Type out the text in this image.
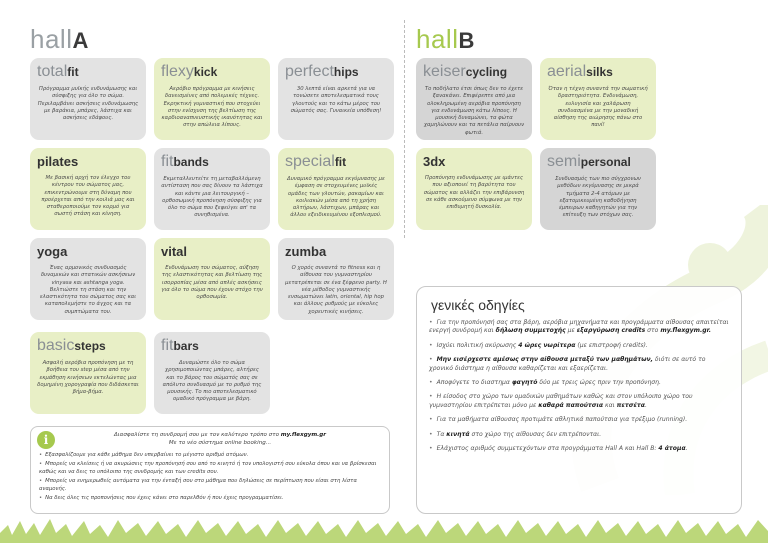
hallA	hallB
totalfit
Πρόγραμμα μυϊκής ενδυνάμωσης και σύσφιξης για όλο το σώμα. Περιλαμβάνει ασκήσεις ενδυνάμωσης με βαράκια, μπάρες, λάστιχα και ασκήσεις εδάφους.
flexykick
Αερόβιο πρόγραμμα με κινήσεις δανεισμένες από πολεμικές τέχνες. Εκρηκτική γυμναστική που στοχεύει στην ενίσχυση της βελτίωση της καρδιοαναπνευστικής ικανότητας και στην απώλεια λίπους.
perfecthips
30 λεπτά είναι αρκετά για να τονώσετε αποτελεσματικά τους γλουτούς και το κάτω μέρος του σώματός σας. Γυναικεία υπόθεση!
pilates
Με βασική αρχή τον έλεγχο του κέντρου του σώματος μας, επικεντρώνουμε στη δύναμη που προέρχεται από την κοιλιά μας και σταθεροποιούμε τον κορμό για σωστή στάση και κίνηση.
fitbands
Εκμεταλλευτείτε τη μεταβαλλόμενη αντίσταση που σας δίνουν τα λάστιχα και κάντε μια λειτουργική – ορθοσωμική προπόνηση σύσφιξης για όλο το σώμα που ξεφεύγει απ' τα συνηθισμένα.
specialfit
Δυναμικό πρόγραμμα εκγύμνασης με έμφαση σε στοχευμένες μυϊκές ομάδες των γλουτών, ρακαμίων και κοιλιακών μέσα από τη χρήση αλτήρων, λάστιχων, μπάρας και άλλου εξειδικευμένου εξοπλισμού.
yoga
Ένας αρμονικός συνδυασμός δυναμικών και στατικών ασκήσεων vinyasa και ashtanga yoga. Βελτιώστε τη στάση και την ελαστικότητα του σώματος σας και καταπολεμήστε το άγχος και τα συμπτώματα του.
vital
Ενδυνάμωση του σώματος, αύξηση της ελαστικότητας και βελτίωση της ισορροπίας μέσα από απλές ασκήσεις για όλο το σώμα που έχουν στόχο την ορθοσωμία.
zumba
Ο χορός συναντά το fitness και η αίθουσα του γυμναστηρίου μετατρέπεται σε ένα ξέφρενο party. Η νέα μέθοδος γυμναστικής ενσωματώνει latin, oriental, hip hop και άλλους ρυθμούς με εύκολες χορευτικές κινήσεις.
basicsteps
Ασφαλή αερόβια προπόνηση με τη βοήθεια του step μέσα από την εκμάθηση κινήσεων εκτελώντας μια δομημένη χορογραφία που διδάσκεται βήμα-βήμα.
fitbars
Δυναμώστε όλο το σώμα χρησιμοποιώντας μπάρες, αλτήρες και το βάρος του σώματός σας σε απόλυτο συνδυασμό με το ρυθμό της μουσικής. Το πιο αποτελεσματικό ομαδικό πρόγραμμα με βάρη.
keisercycling
Το ποδήλατο έτσι όπως δεν το έχετε ξανακάνει. Επιφέρεπτε από μια ολοκληρωμένη αερόβια προπόνηση για ενδυνάμωση κάτω λίπους. Η μουσική δυναμώνει, τα φώτα χαμηλώνουν και τα πετάλια παίρνουν φωτιά.
aerialsilks
Όταν η τέχνη συναντά την σωματική δραστηριότητα. Ενδυνάμωση, ευλυγισία και χαλάρωση συνδυασμένα με την μοναδική αίσθηση της αιώρησης πάνω στο πανί!
3dx
Προπόνηση ενδυνάμωσης με ιμάντες που αξιοποιεί τη βαρύτητα του σώματος και αλλάζει την επιβάρυνση σε κάθε ασκούμενο σύμφωνα με την επιθυμητή δυσκολία.
semipersonal
Συνδυασμός των πιο σύγχρονων μεθόδων εκγύμνασης σε μικρά τμήματα 2-4 ατόμων με εξατομικευμένη καθοδήγηση έμπειρων καθηγητών για την επίτευξη των στόχων σας.
i	Διασφαλίστε τη συνδρομή σου με τον καλύτερο τρόπο στο my.flexgym.gr
Με το νέο σύστημα online booking...
• Εξασφαλίζουμε για κάθε μάθημα δεν υπερβαίνει το μέγιστο αριθμό ατόμων.
• Μπορείς να κλείσεις ή να ακυρώσεις την προπόνησή σου από το κινητό ή τον υπολογιστή σου εύκολα όπου και να βρίσκεσαι καθώς και να δεις το υπόλοιπο της συνδρομής και των credits σου.
• Μπορείς να ενημερωθείς αυτόματα για την ένταξή σου στο μάθημα που δηλώσεις σε περίπτωση που είσαι στη λίστα αναμονής.
• Να δεις όλες τις προπονήσεις που έχεις κάνει στο παρελθόν ή που έχεις προγραμματίσει.
γενικές οδηγίες
• Για την προπόνησή σας στα βάρη, αερόβια μηχανήματα και προγράμματα αίθουσας απαιτείται ενεργή συνδρομή και δήλωση συμμετοχής με εξαργύρωση credits στο my.flexgym.gr.
• Ισχύει πολιτική ακύρωσης 4 ώρες νωρίτερα (με επιστροφή credits).
• Μην εισέρχεστε αμέσως στην αίθουσα μεταξύ των μαθημάτων, διότι σε αυτό το χρονικό διάστημα η αίθουσα καθαρίζεται και εξαερίζεται.
• Αποφύγετε το διαστημα φαγητό δύο με τρεις ώρες πριν την προπόνηση.
• Η είσοδος στο χώρο των ομαδικών μαθημάτων καθώς και στον υπόλοιπο χώρο του γυμναστηρίου επιτρέπεται μόνο με καθαρά παπούτσια και πετσέτα.
• Για τα μαθήματα αίθουσας προτιμάτε αθλητικά παπούτσια για τρέξιμο (running).
• Τα κινητά στο χώρο της αίθουσας δεν επιτρέπονται.
• Ελάχιστος αριθμός συμμετεχόντων στα προγράμματα Hall A και Hall B: 4 άτομα.
